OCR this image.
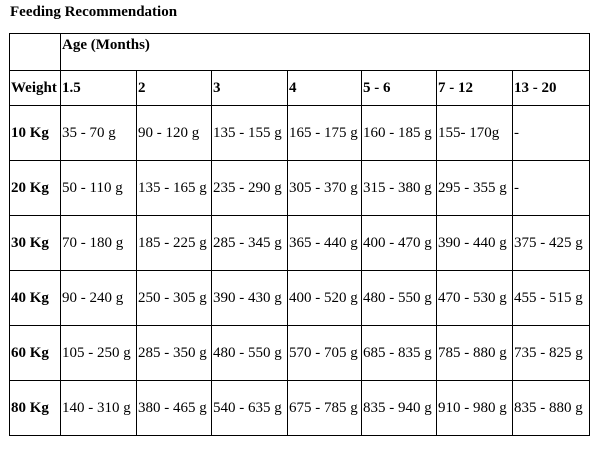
Feeding Recommendation
	Age (Months)						
Weight	1.5	2	3	4	5 - 6	7 - 12	13 - 20
10 Kg	35 - 70 g	90 - 120 g	135 - 155 g	165 - 175 g	160 - 185 g	155- 170g	-
20 Kg	50 - 110 g	135 - 165 g	235 - 290 g	305 - 370 g	315 - 380 g	295 - 355 g	-
30 Kg	70 - 180 g	185 - 225 g	285 - 345 g	365 - 440 g	400 - 470 g	390 - 440 g	375 - 425 g
40 Kg	90 - 240 g	250 - 305 g	390 - 430 g	400 - 520 g	480 - 550 g	470 - 530 g	455 - 515 g
60 Kg	105 - 250 g	285 - 350 g	480 - 550 g	570 - 705 g	685 - 835 g	785 - 880 g	735 - 825 g
80 Kg	140 - 310 g	380 - 465 g	540 - 635 g	675 - 785 g	835 - 940 g	910 - 980 g	835 - 880 g
